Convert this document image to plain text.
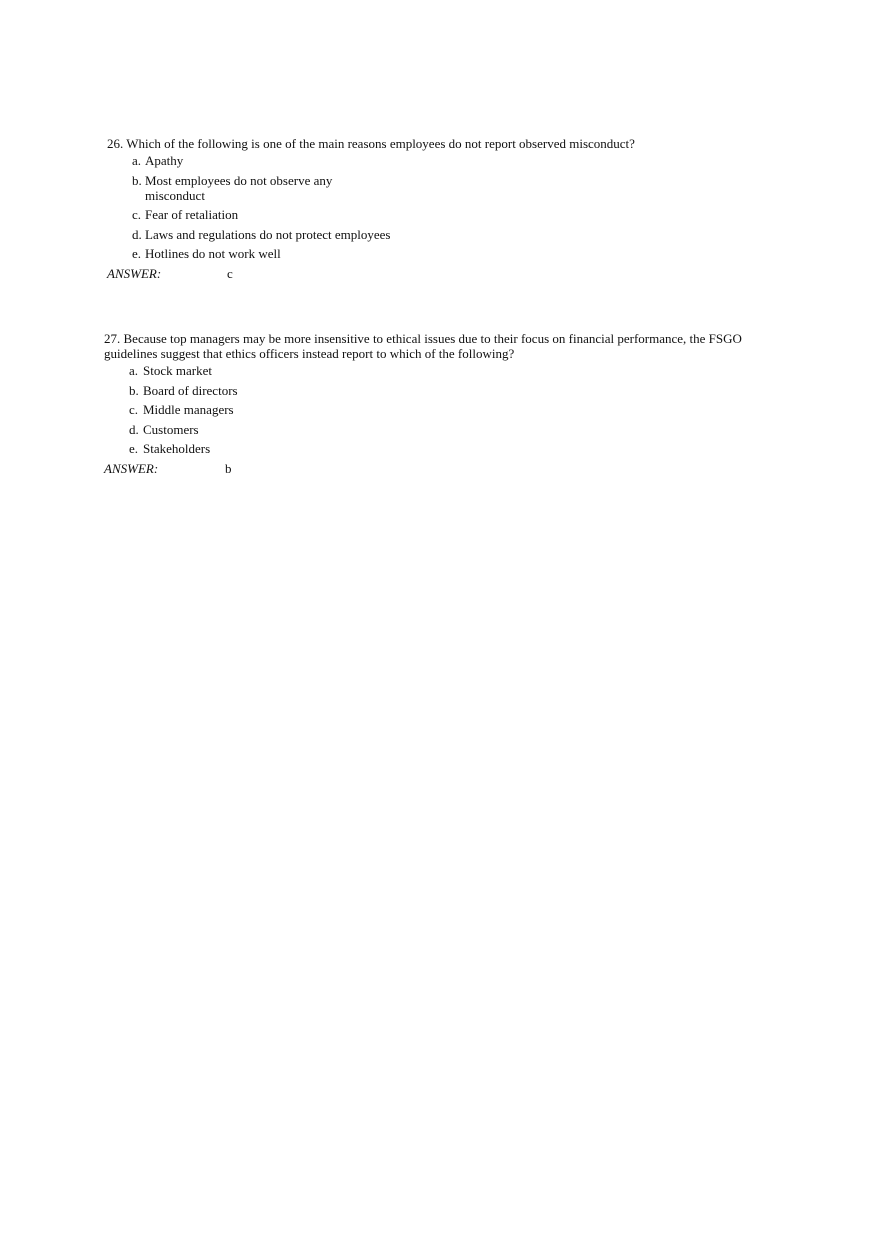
26. Which of the following is one of the main reasons employees do not report observed misconduct?

a. Apathy
b. Most employees do not observe any misconduct
c. Fear of retaliation
d. Laws and regulations do not protect employees
e. Hotlines do not work well
ANSWER:	c

27. Because top managers may be more insensitive to ethical issues due to their focus on financial performance, the FSGO guidelines suggest that ethics officers instead report to which of the following?

a. Stock market
b. Board of directors
c. Middle managers
d. Customers
e. Stakeholders
ANSWER:	b
